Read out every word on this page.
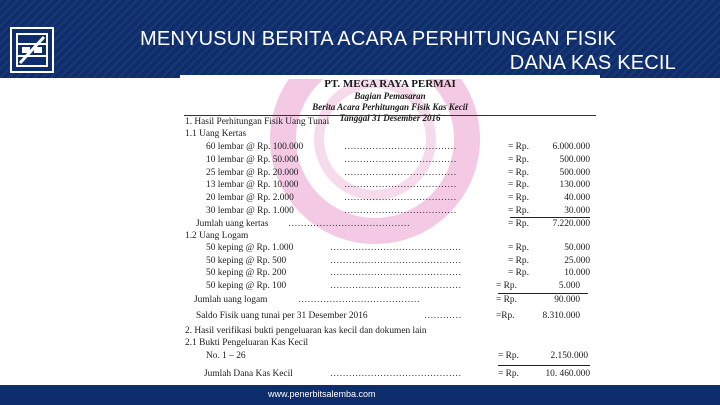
MENYUSUN BERITA ACARA PERHITUNGAN FISIK
DANA KAS KECIL
PT. MEGA RAYA PERMAI
Bagian Pemasaran
Berita Acara Perhitungan Fisik Kas Kecil
Tanggal 31 Desember 2016
1. Hasil Perhitungan Fisik Uang Tunai
1.1 Uang Kertas
60 lembar @ Rp. 100.000	………………………………	= Rp.	6.000.000
10 lembar @ Rp. 50.000	………………………………	= Rp.	500.000
25 lembar @ Rp. 20.000	………………………………	= Rp.	500.000
13 lembar @ Rp. 10.000	………………………………	= Rp.	130.000
20 lembar @ Rp. 2.000	………………………………	= Rp.	40.000
30 lembar @ Rp. 1.000	………………………………	= Rp.	30.000
Jumlah uang kertas …………………………………	= Rp.	7.220.000
1.2 Uang Logam
50 keping @ Rp. 1.000	……………………………………	= Rp.	50.000
50 keping @ Rp. 500	……………………………………	= Rp.	25.000
50 keping @ Rp. 200	……………………………………	= Rp.	10.000
50 keping @ Rp. 100	……………………………………	= Rp.	5.000
Jumlah uang logam	…………………………………	= Rp.	90.000
Saldo Fisik uang tunai per 31 Desember 2016	…………	=Rp.	8.310.000
2. Hasil verifikasi bukti pengeluaran kas kecil dan dokumen lain
2.1 Bukti Pengeluaran Kas Kecil
No. 1 – 26	= Rp.	2.150.000
Jumlah Dana Kas Kecil	……………………………………	= Rp.	10. 460.000
www.penerbitsalemba.com
